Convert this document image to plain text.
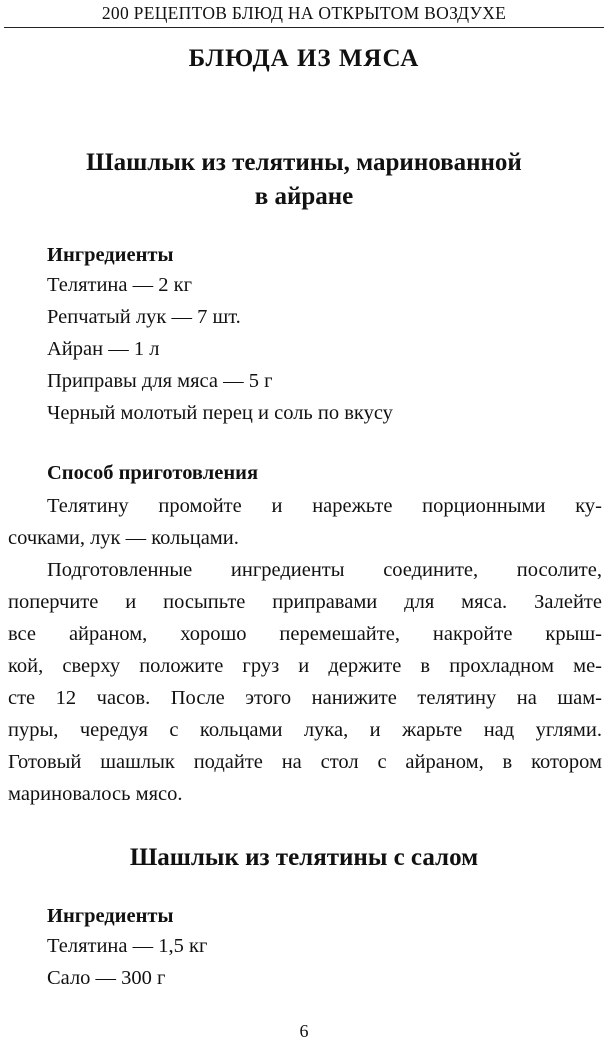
200 РЕЦЕПТОВ БЛЮД НА ОТКРЫТОМ ВОЗДУХЕ
БЛЮДА ИЗ МЯСА
Шашлык из телятины, маринованной
в айране
Ингредиенты
Телятина — 2 кг
Репчатый лук — 7 шт.
Айран — 1 л
Приправы для мяса — 5 г
Черный молотый перец и соль по вкусу
Способ приготовления

Телятину промойте и нарежьте порционными ку-

сочками, лук — кольцами.

Подготовленные ингредиенты соедините, посолите,

поперчите и посыпьте приправами для мяса. Залейте

все айраном, хорошо перемешайте, накройте крыш-

кой, сверху положите груз и держите в прохладном ме-

сте 12 часов. После этого нанижите телятину на шам-

пуры, чередуя с кольцами лука, и жарьте над углями.

Готовый шашлык подайте на стол с айраном, в котором

мариновалось мясо.

Шашлык из телятины с салом
Ингредиенты
Телятина — 1,5 кг
Сало — 300 г
6
